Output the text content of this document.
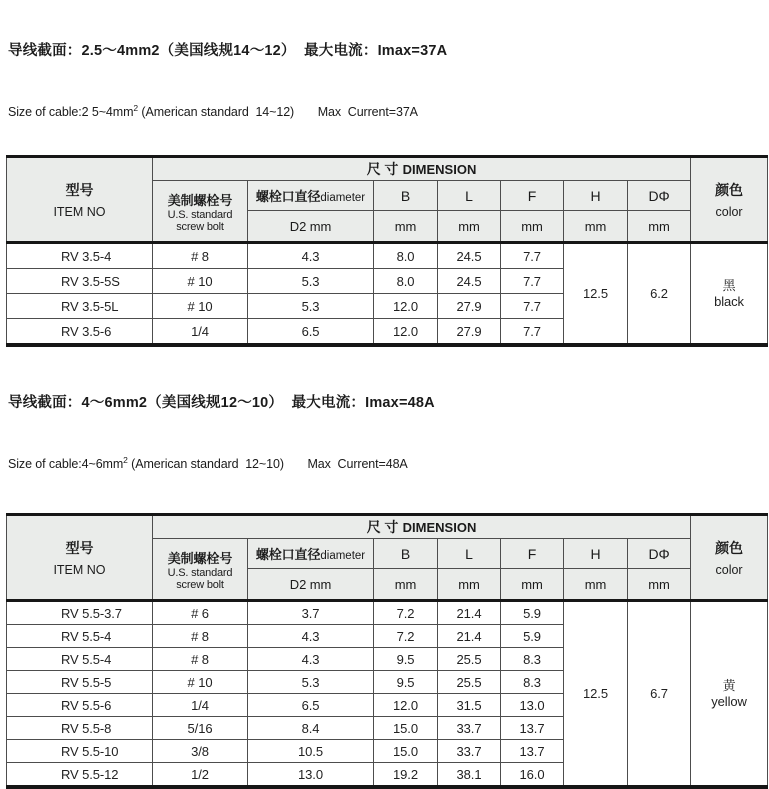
导线截面：2.5～4mm2（美国线规14～12）  最大电流：Imax=37A

Size of cable:2 $5\sim 4mm^2$ (American standard  14~12)       Max  Current=37A

型号
ITEM NO
	尺 寸 DIMENSION	
颜色
color

	美制螺栓号
U.S. standard
screw bolt	螺栓口直径diameter	B	L	F	H	DΦ	
		D2 mm	mm	mm	mm	mm	mm	
RV 3.5-4	# 8	4.3	8.0	24.5	7.7	12.5	6.2	黑
black

RV 3.5-5S	# 10	5.3	8.0	24.5	7.7			
RV 3.5-5L	# 10	5.3	12.0	27.9	7.7			
RV 3.5-6	1/4	6.5	12.0	27.9	7.7			

导线截面：4～6mm2（美国线规12～10）  最大电流：Imax=48A

Size of $cable:4\sim 6mm^2$ (American standard  12~10)       Max  Current=48A

型号
ITEM NO
	尺 寸 DIMENSION	
颜色
color

	美制螺栓号
U.S. standard
screw bolt	螺栓口直径diameter	B	L	F	H	DΦ	
		D2 mm	mm	mm	mm	mm	mm	
RV 5.5-3.7	# 6	3.7	7.2	21.4	5.9	12.5	6.7	黄
yellow

RV 5.5-4	# 8	4.3	7.2	21.4	5.9			
RV 5.5-4	# 8	4.3	9.5	25.5	8.3			
RV 5.5-5	# 10	5.3	9.5	25.5	8.3			
RV 5.5-6	1/4	6.5	12.0	31.5	13.0			
RV 5.5-8	5/16	8.4	15.0	33.7	13.7			
RV 5.5-10	3/8	10.5	15.0	33.7	13.7			
RV 5.5-12	1/2	13.0	19.2	38.1	16.0			
